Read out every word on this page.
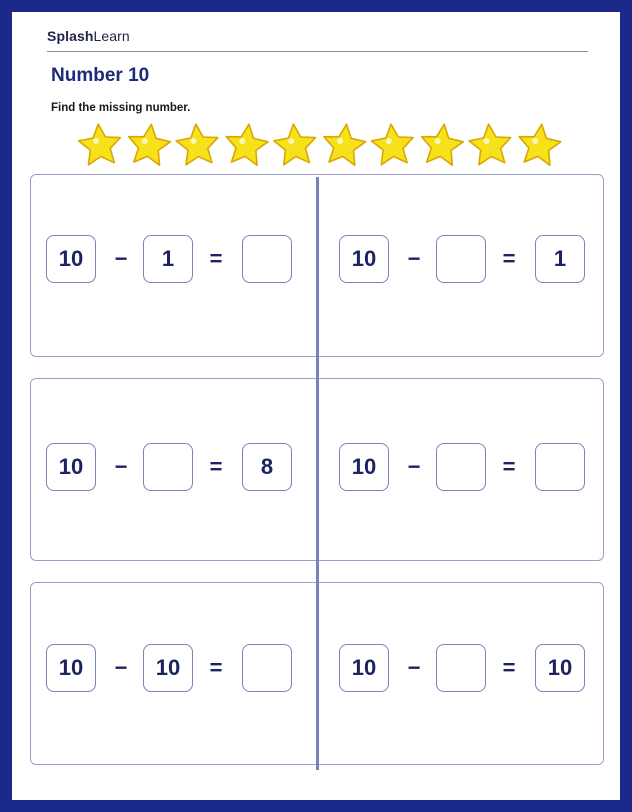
SplashLearn
Number 10
Find the missing number.
10	−	1	=	10	−	=	1
10	−	=	8	10	−	=
10	−	10	=	10	−	=	10
